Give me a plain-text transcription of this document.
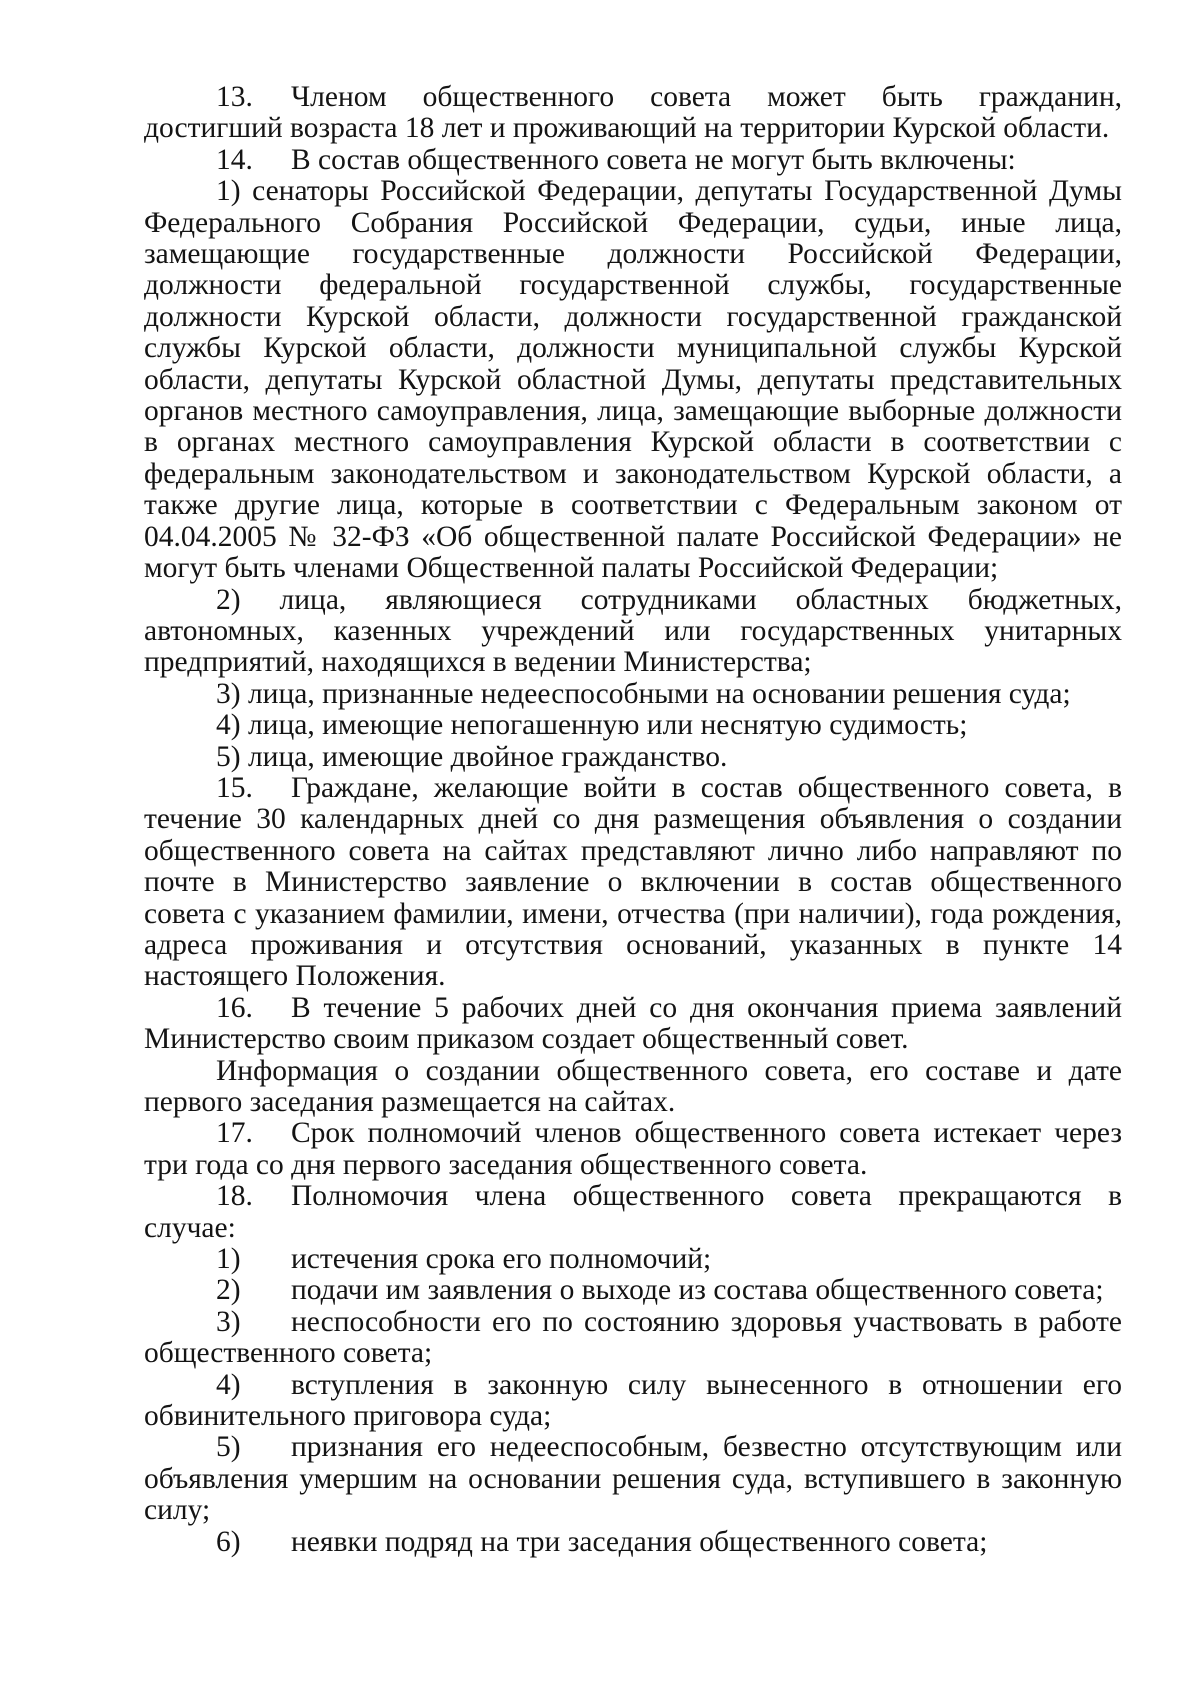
13. Членом общественного совета может быть гражданин, достигший возраста 18 лет и проживающий на территории Курской области.

14. В состав общественного совета не могут быть включены:

1) сенаторы Российской Федерации, депутаты Государственной Думы Федерального Собрания Российской Федерации, судьи, иные лица, замещающие государственные должности Российской Федерации, должности федеральной государственной службы, государственные должности Курской области, должности государственной гражданской службы Курской области, должности муниципальной службы Курской области, депутаты Курской областной Думы, депутаты представительных органов местного самоуправления, лица, замещающие выборные должности в органах местного самоуправления Курской области в соответствии с федеральным законодательством и законодательством Курской области, а также другие лица, которые в соответствии с Федеральным законом от 04.04.2005 № 32-ФЗ «Об общественной палате Российской Федерации» не могут быть членами Общественной палаты Российской Федерации;

2) лица, являющиеся сотрудниками областных бюджетных, автономных, казенных учреждений или государственных унитарных предприятий, находящихся в ведении Министерства;

3) лица, признанные недееспособными на основании решения суда;

4) лица, имеющие непогашенную или неснятую судимость;

5) лица, имеющие двойное гражданство.

15. Граждане, желающие войти в состав общественного совета, в течение 30 календарных дней со дня размещения объявления о создании общественного совета на сайтах представляют лично либо направляют по почте в Министерство заявление о включении в состав общественного совета с указанием фамилии, имени, отчества (при наличии), года рождения, адреса проживания и отсутствия оснований, указанных в пункте 14 настоящего Положения.

16. В течение 5 рабочих дней со дня окончания приема заявлений Министерство своим приказом создает общественный совет.

Информация о создании общественного совета, его составе и дате первого заседания размещается на сайтах.

17. Срок полномочий членов общественного совета истекает через три года со дня первого заседания общественного совета.

18. Полномочия члена общественного совета прекращаются в случае:

1) истечения срока его полномочий;

2) подачи им заявления о выходе из состава общественного совета;

3) неспособности его по состоянию здоровья участвовать в работе общественного совета;

4) вступления в законную силу вынесенного в отношении его обвинительного приговора суда;

5) признания его недееспособным, безвестно отсутствующим или объявления умершим на основании решения суда, вступившего в законную силу;

6) неявки подряд на три заседания общественного совета;
